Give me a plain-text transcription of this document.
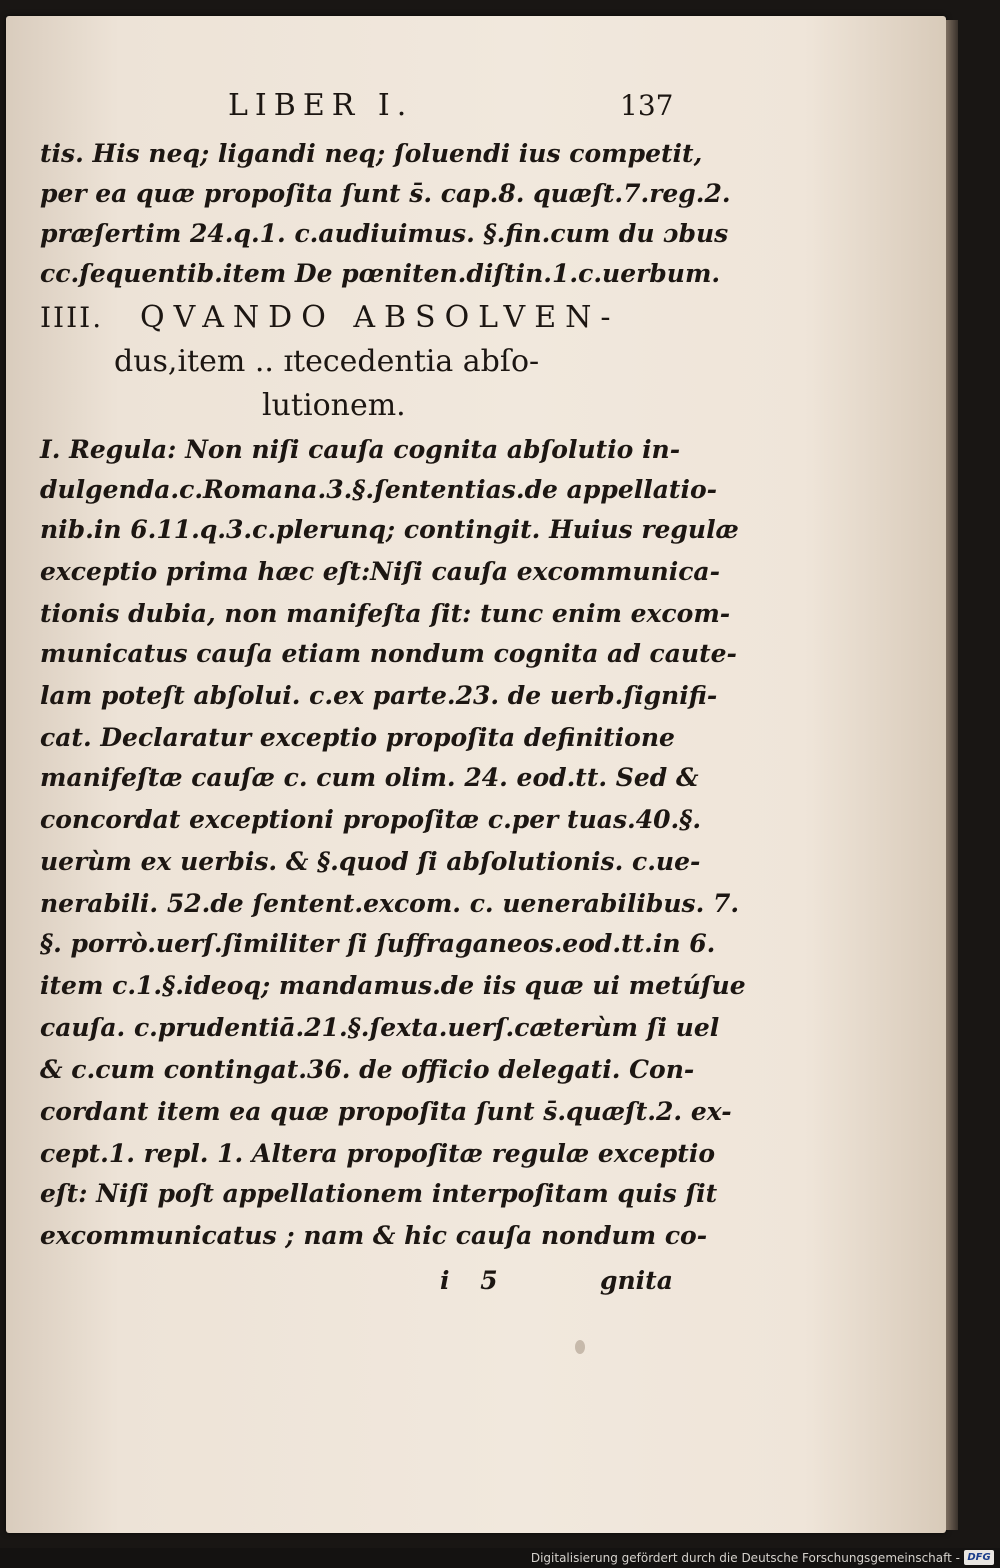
LIBER I.	137
tis. His neq; ligandi neq; ſoluendi ius competit,
per ea quæ propoſita ſunt s̄. cap.8. quæſt.7.reg.2.
præſertim 24.q.1. c.audiuimus. §.fin.cum du ɔbus
cc.ſequentib.item De pœniten.diſtin.1.c.uerbum.
IIII.	QVANDO ABSOLVEN-
dus,item .. ɪtecedentia abſo-
lutionem.
I. Regula: Non niſi cauſa cognita abſolutio in-
dulgenda.c.Romana.3.§.ſententias.de appellatio-
nib.in 6.11.q.3.c.plerunq; contingit. Huius regulæ
exceptio prima hæc eſt:Niſi cauſa excommunica-
tionis dubia, non manifeſta ſit: tunc enim excom-
municatus cauſa etiam nondum cognita ad caute-
lam poteſt abſolui. c.ex parte.23. de uerb.ſignifi-
cat. Declaratur exceptio propoſita definitione
manifeſtæ cauſæ c. cum olim. 24. eod.tt. Sed &
concordat exceptioni propoſitæ c.per tuas.40.§.
uerùm ex uerbis. & §.quod ſi abſolutionis. c.ue-
nerabili. 52.de ſentent.excom. c. uenerabilibus. 7.
§. porrò.uerſ.ſimiliter ſi ſuffraganeos.eod.tt.in 6.
item c.1.§.ideoq; mandamus.de iis quæ ui metúſue
cauſa. c.prudentiā.21.§.ſexta.uerſ.cæterùm ſi uel
& c.cum contingat.36. de officio delegati. Con-
cordant item ea quæ propoſita ſunt s̄.quæſt.2. ex-
cept.1. repl. 1. Altera propoſitæ regulæ exceptio
eſt: Niſi poſt appellationem interpoſitam quis ſit
excommunicatus ; nam & hic cauſa nondum co-
i 5	gnita
Digitalisierung gefördert durch die Deutsche Forschungsgemeinschaft - DFG
